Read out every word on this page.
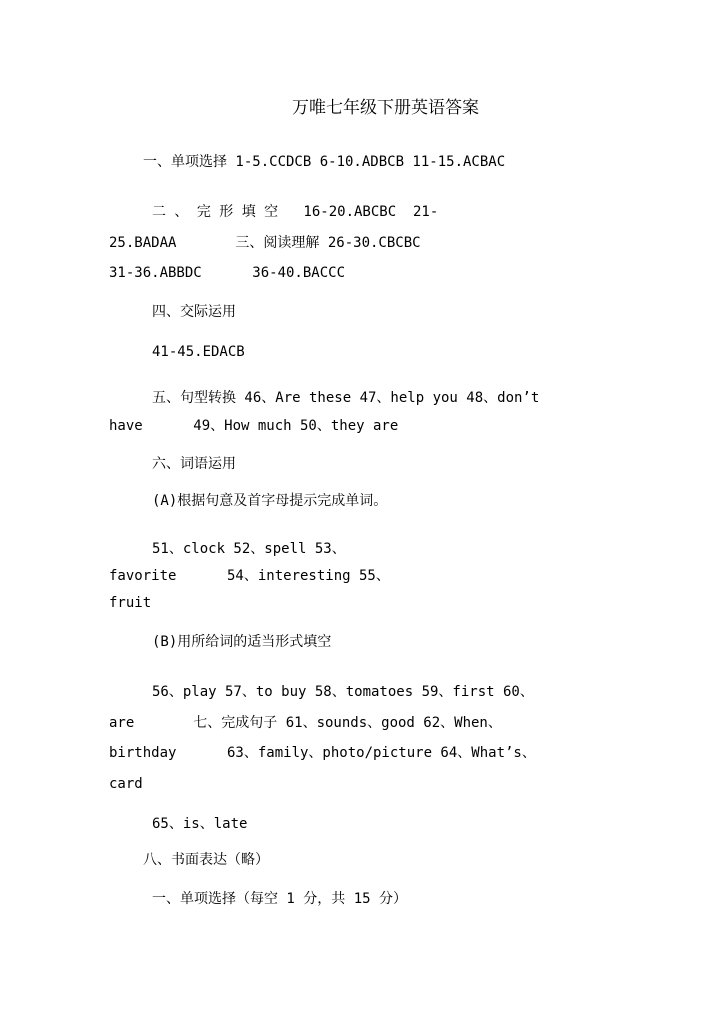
万唯七年级下册英语答案
一、单项选择 1-5.CCDCB 6-10.ADBCB 11-15.ACBAC
二 、 完 形 填 空   16-20.ABCBC  21-
25.BADAA       三、阅读理解 26-30.CBCBC
31-36.ABBDC      36-40.BACCC
四、交际运用
41-45.EDACB
五、句型转换 46、Are these 47、help you 48、don’t
have      49、How much 50、they are
六、词语运用
(A)根据句意及首字母提示完成单词。
51、clock 52、spell 53、
favorite      54、interesting 55、
fruit
(B)用所给词的适当形式填空
56、play 57、to buy 58、tomatoes 59、first 60、
are       七、完成句子 61、sounds、good 62、When、
birthday      63、family、photo/picture 64、What’s、
card
65、is、late
八、书面表达（略）
一、单项选择（每空 1 分，共 15 分）
